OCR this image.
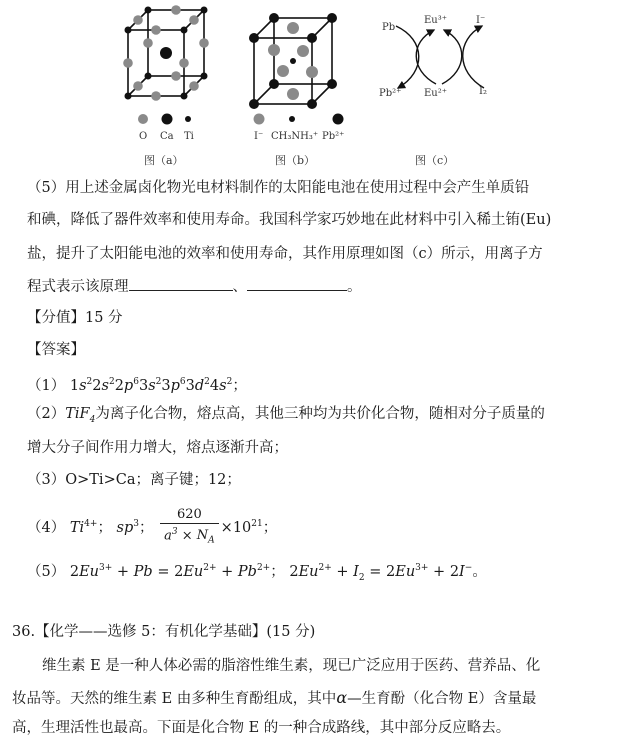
O Ca Ti
图（a）
I⁻ CH₃NH₃⁺ Pb²⁺
图（b）
Pb
Eu³⁺	I⁻
Pb²⁺ Eu²⁺	I₂
图（c）
（5）用上述金属卤化物光电材料制作的太阳能电池在使用过程中会产生单质铅
和碘，降低了器件效率和使用寿命。我国科学家巧妙地在此材料中引入稀土铕(Eu)
盐，提升了太阳能电池的效率和使用寿命，其作用原理如图（c）所示，用离子方
程式表示该原理	、	。
【分值】15 分
【答案】
（1） $1s^22s^22p^63s^23p^63d^24s^2$；
（2）TiF$_4$为离子化合物，熔点高，其他三种均为共价化合物，随相对分子质量的
增大分子间作用力增大，熔点逐渐升高；
（3）O>Ti>Ca；离子键；12；
（4） $Ti^{4+}$； $sp^3$； $\frac{620}{a^3 \times N_A} \times 10^{21}$；
（5） $2Eu^{3+} + Pb = 2Eu^{2+} + Pb^{2+}$； $2Eu^{2+} + I_2 = 2Eu^{3+} + 2I^-$。
36.【化学——选修 5：有机化学基础】(15 分)
维生素 E 是一种人体必需的脂溶性维生素，现已广泛应用于医药、营养品、化
妆品等。天然的维生素 E 由多种生育酚组成，其中α—生育酚（化合物 E）含量最
高，生理活性也最高。下面是化合物 E 的一种合成路线，其中部分反应略去。
